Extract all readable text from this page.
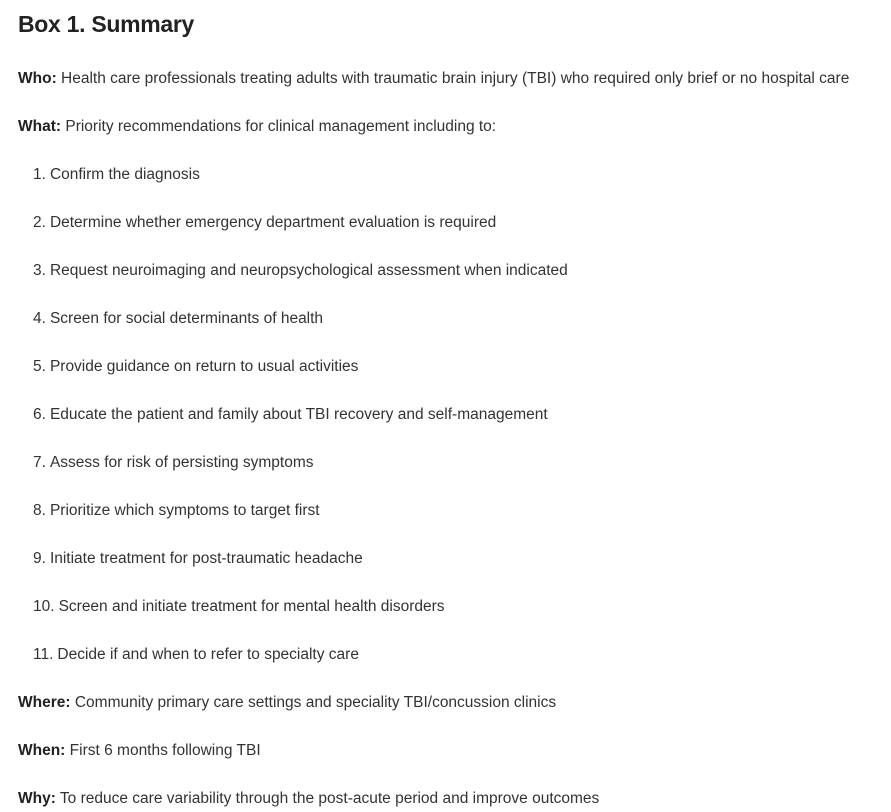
Box 1. Summary
Who: Health care professionals treating adults with traumatic brain injury (TBI) who required only brief or no hospital care
What: Priority recommendations for clinical management including to:
1. Confirm the diagnosis
2. Determine whether emergency department evaluation is required
3. Request neuroimaging and neuropsychological assessment when indicated
4. Screen for social determinants of health
5. Provide guidance on return to usual activities
6. Educate the patient and family about TBI recovery and self-management
7. Assess for risk of persisting symptoms
8. Prioritize which symptoms to target first
9. Initiate treatment for post-traumatic headache
10. Screen and initiate treatment for mental health disorders
11. Decide if and when to refer to specialty care
Where: Community primary care settings and speciality TBI/concussion clinics
When: First 6 months following TBI
Why: To reduce care variability through the post-acute period and improve outcomes
